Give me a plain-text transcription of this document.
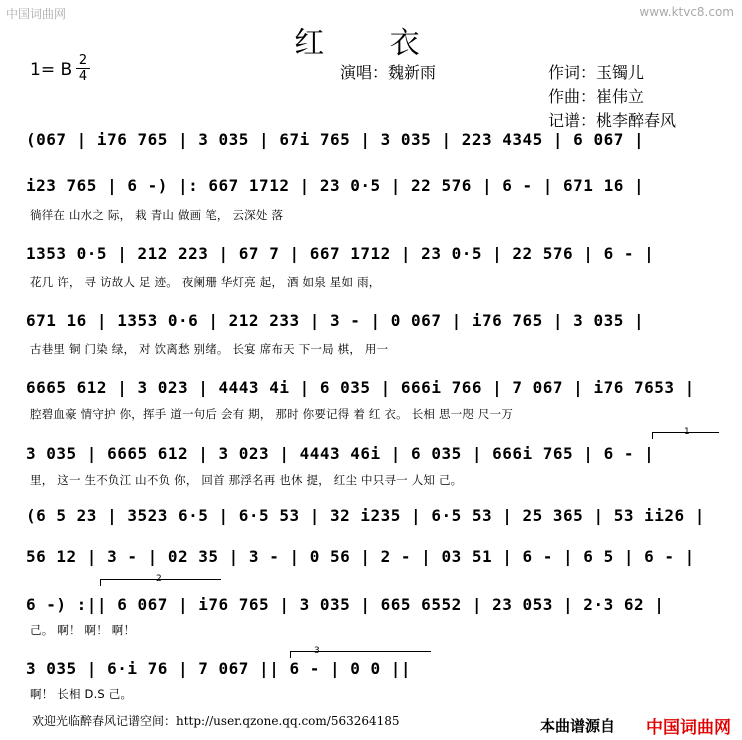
中国词曲网	www.ktvc8.com
红 衣
1= B 2
4	演唱：魏新雨	作词：玉镯儿
作曲：崔伟立
记谱：桃李醉春风
(067 | i76 765 | 3 035 | 67i 765 | 3 035 | 223 4345 | 6 067 |
i23 765 | 6 -) |: 667 1712 | 23 0·5 | 22 576 | 6 - | 671 16 |
徜徉在 山水之 际， 栽 青山 做画 笔， 云深处 落
1353 0·5 | 212 223 | 67 7 | 667 1712 | 23 0·5 | 22 576 | 6 - |
花几 许， 寻 访故人 足 迹。 夜阑珊 华灯亮 起， 酒 如泉 星如 雨，
671 16 | 1353 0·6 | 212 233 | 3 - | 0 067 | i76 765 | 3 035 |
古巷里 铜 门染 绿， 对 饮离愁 别绪。 长宴 席布天 下一局 棋， 用一
6665 612 | 3 023 | 4443 4i | 6 035 | 666i 766 | 7 067 | i76 7653 |
腔碧血豪 情守护 你，挥手 道一句后 会有 期， 那时 你要记得 着 红 衣。 长相 思一咫 尺一万
1
3 035 | 6665 612 | 3 023 | 4443 46i | 6 035 | 666i 765 | 6 - |
里， 这一 生不负江 山不负 你， 回首 那浮名再 也休 提， 红尘 中只寻一 人知 己。
(6 5 23 | 3523 6·5 | 6·5 53 | 32 i235 | 6·5 53 | 25 365 | 53 ii26 |
56 12 | 3 - | 02 35 | 3 - | 0 56 | 2 - | 03 51 | 6 - | 6 5 | 6 - |
2
6 -) :|| 6 067 | i76 765 | 3 035 | 665 6552 | 23 053 | 2·3 62 |
己。 啊！ 啊！ 啊！
3
3 035 | 6·i 76 | 7 067 || 6 - | 0 0 ||
啊！ 长相 D.S 己。
欢迎光临醉春风记谱空间：http://user.qzone.qq.com/563264185	本曲谱源自 中国词曲网
